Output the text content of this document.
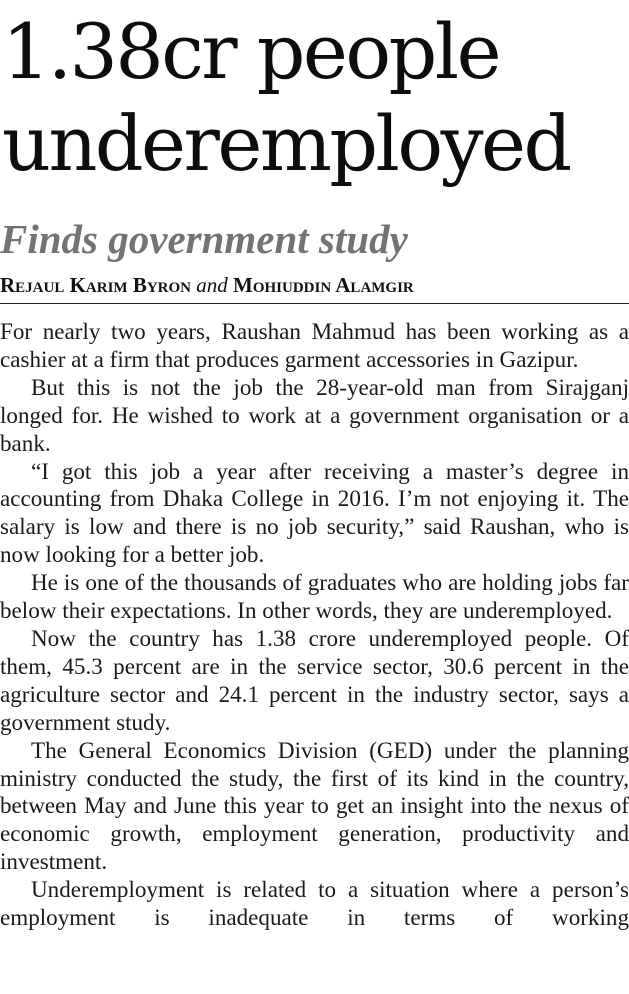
1.38cr people
underemployed
Finds government study
Rejaul Karim Byron and Mohiuddin Alamgir

For nearly two years, Raushan Mahmud has been working as a cashier at a firm that produces garment accessories in Gazipur.

But this is not the job the 28-year-old man from Sirajganj longed for. He wished to work at a government organisation or a bank.

“I got this job a year after receiving a master’s degree in accounting from Dhaka College in 2016. I’m not enjoying it. The salary is low and there is no job security,” said Raushan, who is now looking for a better job.

He is one of the thousands of graduates who are holding jobs far below their expectations. In other words, they are underemployed.

Now the country has 1.38 crore underemployed people. Of them, 45.3 percent are in the service sector, 30.6 percent in the agriculture sector and 24.1 percent in the industry sector, says a government study.

The General Economics Division (GED) under the planning ministry conducted the study, the first of its kind in the country, between May and June this year to get an insight into the nexus of economic growth, employment generation, productivity and investment.

Underemployment is related to a situation where a person’s employment is inadequate in terms of working
